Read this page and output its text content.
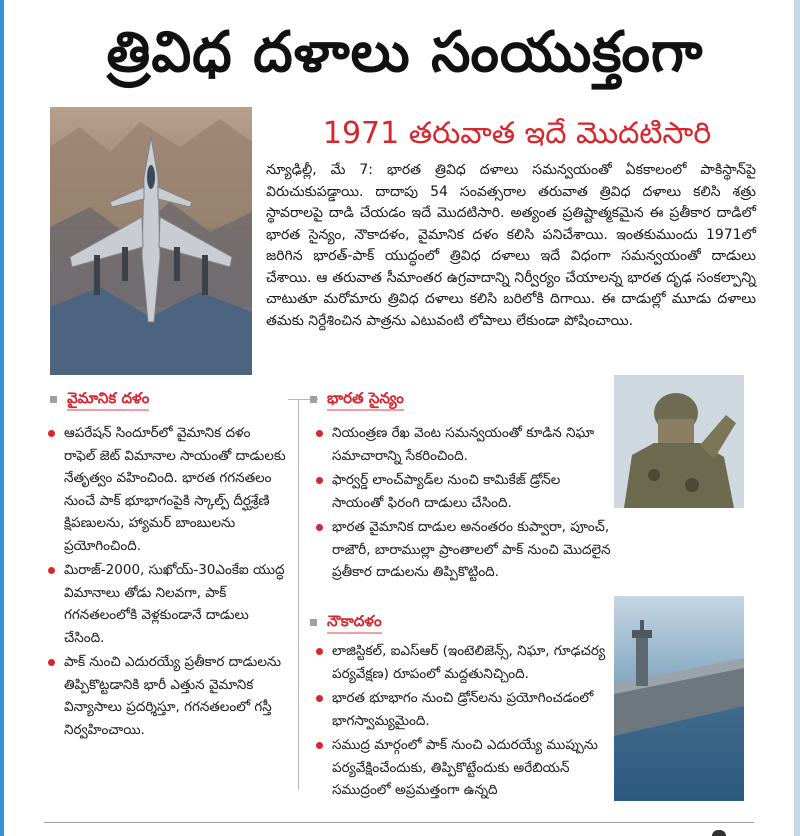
త్రివిధ దళాలు సంయుక్తంగా
1971 తరువాత ఇదే మొదటిసారి

న్యూఢిల్లీ, మే 7: భారత త్రివిధ దళాలు సమన్వయంతో ఏకకాలంలో పాకిస్థాన్‌పై విరుచుకుపడ్డాయి. దాదాపు 54 సంవత్సరాల తరువాత త్రివిధ దళాలు కలిసి శత్రు స్థావరాలపై దాడి చేయడం ఇదే మొదటిసారి. అత్యంత ప్రతిష్టాత్మకమైన ఈ ప్రతీకార దాడిలో భారత సైన్యం, నౌకాదళం, వైమానిక దళం కలిసి పనిచేశాయి. ఇంతకుముందు 1971లో జరిగిన భారత్‌-పాక్‌ యుద్ధంలో త్రివిధ దళాలు ఇదే విధంగా సమన్వయంతో దాడులు చేశాయి. ఆ తరువాత సీమాంతర ఉగ్రవాదాన్ని నిర్వీర్యం చేయాలన్న భారత దృఢ సంకల్పాన్ని చాటుతూ మరోమారు త్రివిధ దళాలు కలిసి బరిలోకి దిగాయి. ఈ దాడుల్లో మూడు దళాలు తమకు నిర్దేశించిన పాత్రను ఎటువంటి లోపాలు లేకుండా పోషించాయి.

వైమానిక దళం
ఆపరేషన్‌ సిందూర్‌లో వైమానిక దళం రాఫెల్‌ జెట్‌ విమానాల సాయంతో దాడులకు నేతృత్వం వహించింది. భారత గగనతలం నుంచే పాక్‌ భూభాగంపైకి స్కాల్ప్‌ దీర్ఘశ్రేణి క్షిపణులను, హ్యామర్‌ బాంబులను ప్రయోగించింది.
మిరాజ్‌-2000, సుఖోయ్‌-30ఎంకేఐ యుద్ధ విమానాలు తోడు నిలవగా, పాక్‌ గగనతలంలోకి వెళ్లకుండానే దాడులు చేసింది.
పాక్‌ నుంచి ఎదురయ్యే ప్రతీకార దాడులను తిప్పికొట్టడానికి భారీ ఎత్తున వైమానిక విన్యాసాలు ప్రదర్శిస్తూ, గగనతలంలో గస్తీ నిర్వహించాయి.
భారత సైన్యం
నియంత్రణ రేఖ వెంట సమన్వయంతో కూడిన నిఘా సమాచారాన్ని సేకరించింది.
ఫార్వర్డ్‌ లాంచ్‌ప్యాడ్‌ల నుంచి కామికేజ్‌ డ్రోన్‌ల సాయంతో ఫిరంగి దాడులు చేసింది.
భారత వైమానిక దాడుల అనంతరం కుప్వారా, పూంచ్‌, రాజౌరీ, బారాముల్లా ప్రాంతాలలో పాక్‌ నుంచి మొదలైన ప్రతీకార దాడులను తిప్పికొట్టింది.
నౌకాదళం
లాజిస్టికల్‌, ఐఎస్‌ఆర్‌ (ఇంటెలిజెన్స్‌, నిఘా, గూఢచర్య పర్యవేక్షణ) రూపంలో మద్దతునిచ్చింది.
భారత భూభాగం నుంచి డ్రోన్‌లను ప్రయోగించడంలో భాగస్వామ్యమైంది.
సముద్ర మార్గంలో పాక్‌ నుంచి ఎదురయ్యే ముప్పును పర్యవేక్షించేందుకు, తిప్పికొట్టేందుకు అరేబియన్‌ సముద్రంలో అప్రమత్తంగా ఉన్నది
